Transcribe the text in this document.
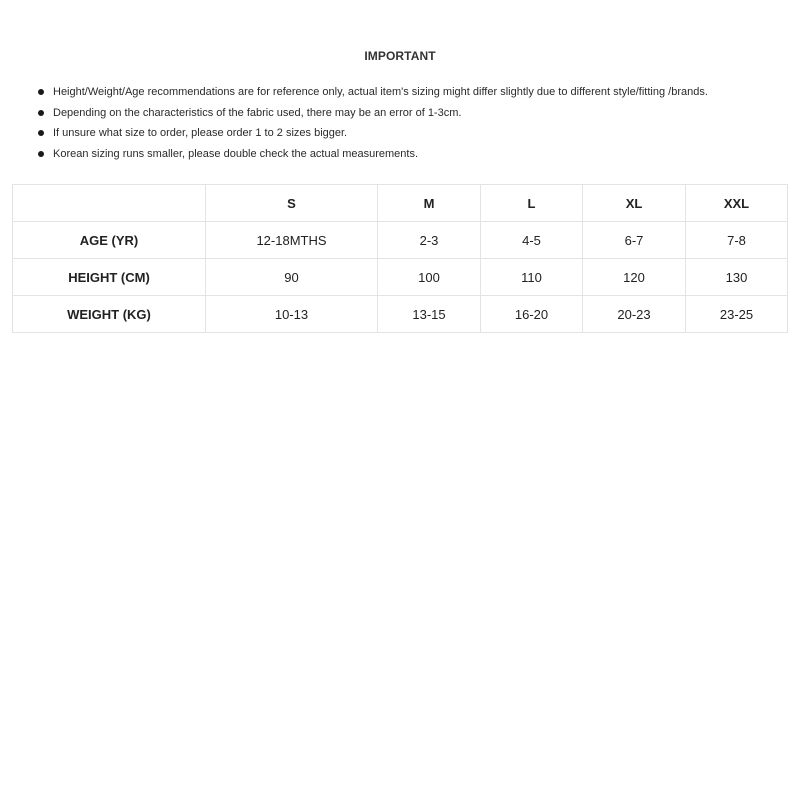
IMPORTANT
Height/Weight/Age recommendations are for reference only, actual item's sizing might differ slightly due to different style/fitting /brands.
Depending on the characteristics of the fabric used, there may be an error of 1-3cm.
If unsure what size to order, please order 1 to 2 sizes bigger.
Korean sizing runs smaller, please double check the actual measurements.
	S	M	L	XL	XXL
AGE (YR)	12-18MTHS	2-3	4-5	6-7	7-8
HEIGHT (CM)	90	100	110	120	130
WEIGHT (KG)	10-13	13-15	16-20	20-23	23-25
